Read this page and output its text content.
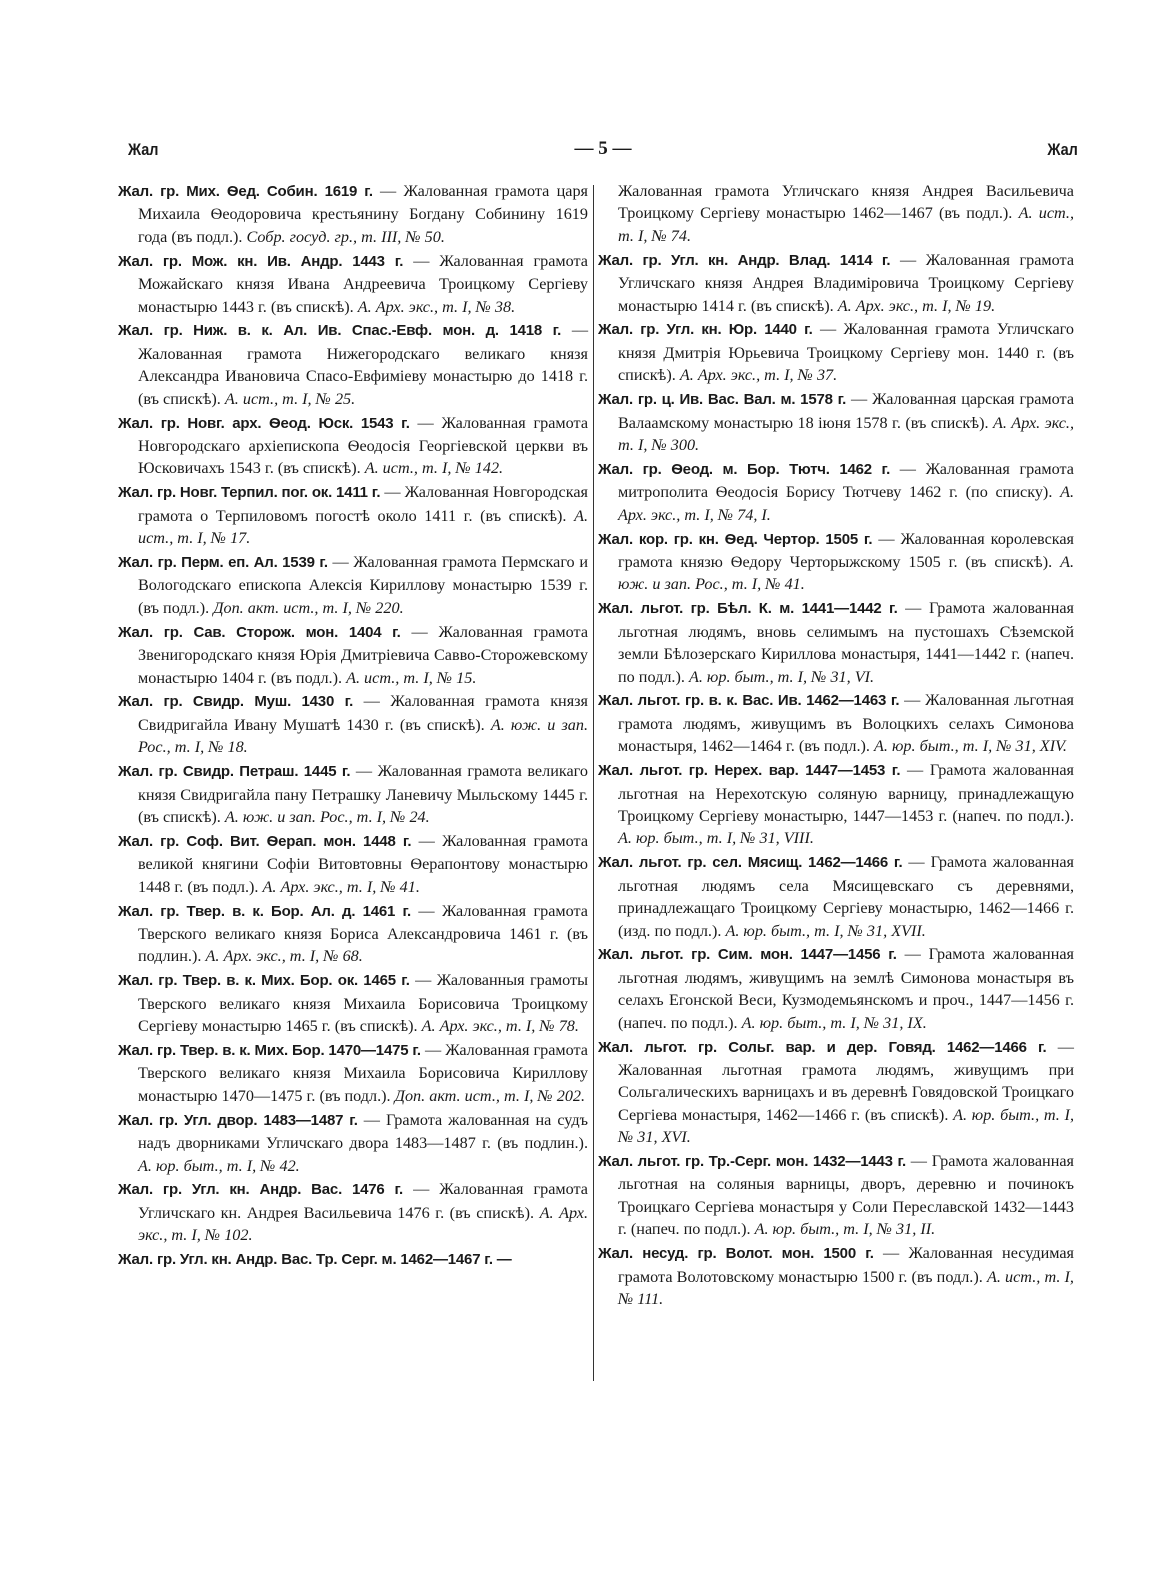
— 5 —
Жал	Жал

Жал. гр. Мих. Ѳед. Собин. 1619 г. — Жалованная грамота царя Михаила Ѳеодоровича крестьянину Богдану Собинину 1619 года (въ подл.). Собр. госуд. гр., т. III, № 50.

Жал. гр. Мож. кн. Ив. Андр. 1443 г. — Жалованная грамота Можайскаго князя Ивана Андреевича Троицкому Сергіеву монастырю 1443 г. (въ спискѣ). А. Арх. экс., т. I, № 38.

Жал. гр. Ниж. в. к. Ал. Ив. Спас.-Евф. мон. д. 1418 г. — Жалованная грамота Нижегородскаго великаго князя Александра Ивановича Спасо-Евфиміеву монастырю до 1418 г. (въ спискѣ). А. ист., т. I, № 25.

Жал. гр. Новг. арх. Ѳеод. Юск. 1543 г. — Жалованная грамота Новгородскаго архіепископа Ѳеодосія Георгіевской церкви въ Юсковичахъ 1543 г. (въ спискѣ). А. ист., т. I, № 142.

Жал. гр. Новг. Терпил. пог. ок. 1411 г. — Жалованная Новгородская грамота о Терпиловомъ погостѣ около 1411 г. (въ спискѣ). А. ист., т. I, № 17.

Жал. гр. Перм. еп. Ал. 1539 г. — Жалованная грамота Пермскаго и Вологодскаго епископа Алексія Кириллову монастырю 1539 г. (въ подл.). Доп. акт. ист., т. I, № 220.

Жал. гр. Сав. Сторож. мон. 1404 г. — Жалованная грамота Звенигородскаго князя Юрія Дмитріевича Савво-Сторожевскому монастырю 1404 г. (въ подл.). А. ист., т. I, № 15.

Жал. гр. Свидр. Муш. 1430 г. — Жалованная грамота князя Свидригайла Ивану Мушатѣ 1430 г. (въ спискѣ). А. юж. и зап. Рос., т. I, № 18.

Жал. гр. Свидр. Петраш. 1445 г. — Жалованная грамота великаго князя Свидригайла пану Петрашку Ланевичу Мыльскому 1445 г. (въ спискѣ). А. юж. и зап. Рос., т. I, № 24.

Жал. гр. Соф. Вит. Ѳерап. мон. 1448 г. — Жалованная грамота великой княгини Софіи Витовтовны Ѳерапонтову монастырю 1448 г. (въ подл.). А. Арх. экс., т. I, № 41.

Жал. гр. Твер. в. к. Бор. Ал. д. 1461 г. — Жалованная грамота Тверского великаго князя Бориса Александровича 1461 г. (въ подлин.). А. Арх. экс., т. I, № 68.

Жал. гр. Твер. в. к. Мих. Бор. ок. 1465 г. — Жалованныя грамоты Тверского великаго князя Михаила Борисовича Троицкому Сергіеву монастырю 1465 г. (въ спискѣ). А. Арх. экс., т. I, № 78.

Жал. гр. Твер. в. к. Мих. Бор. 1470—1475 г. — Жалованная грамота Тверского великаго князя Михаила Борисовича Кириллову монастырю 1470—1475 г. (въ подл.). Доп. акт. ист., т. I, № 202.

Жал. гр. Угл. двор. 1483—1487 г. — Грамота жалованная на судъ надъ дворниками Угличскаго двора 1483—1487 г. (въ подлин.). А. юр. быт., т. I, № 42.

Жал. гр. Угл. кн. Андр. Вас. 1476 г. — Жалованная грамота Угличскаго кн. Андрея Васильевича 1476 г. (въ спискѣ). А. Арх. экс., т. I, № 102.

Жал. гр. Угл. кн. Андр. Вас. Тр. Серг. м. 1462—1467 г. —

Жалованная грамота Угличскаго князя Андрея Васильевича Троицкому Сергіеву монастырю 1462—1467 (въ подл.). А. ист., т. I, № 74.

Жал. гр. Угл. кн. Андр. Влад. 1414 г. — Жалованная грамота Угличскаго князя Андрея Владиміровича Троицкому Сергіеву монастырю 1414 г. (въ спискѣ). А. Арх. экс., т. I, № 19.

Жал. гр. Угл. кн. Юр. 1440 г. — Жалованная грамота Угличскаго князя Дмитрія Юрьевича Троицкому Сергіеву мон. 1440 г. (въ спискѣ). А. Арх. экс., т. I, № 37.

Жал. гр. ц. Ив. Вас. Вал. м. 1578 г. — Жалованная царская грамота Валаамскому монастырю 18 іюня 1578 г. (въ спискѣ). А. Арх. экс., т. I, № 300.

Жал. гр. Ѳеод. м. Бор. Тютч. 1462 г. — Жалованная грамота митрополита Ѳеодосія Борису Тютчеву 1462 г. (по списку). А. Арх. экс., т. I, № 74, I.

Жал. кор. гр. кн. Ѳед. Чертор. 1505 г. — Жалованная королевская грамота князю Ѳедору Черторыжскому 1505 г. (въ спискѣ). А. юж. и зап. Рос., т. I, № 41.

Жал. льгот. гр. Бѣл. К. м. 1441—1442 г. — Грамота жалованная льготная людямъ, вновь селимымъ на пустошахъ Сѣземской земли Бѣлозерскаго Кириллова монастыря, 1441—1442 г. (напеч. по подл.). А. юр. быт., т. I, № 31, VI.

Жал. льгот. гр. в. к. Вас. Ив. 1462—1463 г. — Жалованная льготная грамота людямъ, живущимъ въ Волоцкихъ селахъ Симонова монастыря, 1462—1464 г. (въ подл.). А. юр. быт., т. I, № 31, XIV.

Жал. льгот. гр. Нерех. вар. 1447—1453 г. — Грамота жалованная льготная на Нерехотскую соляную варницу, принадлежащую Троицкому Сергіеву монастырю, 1447—1453 г. (напеч. по подл.). А. юр. быт., т. I, № 31, VIII.

Жал. льгот. гр. сел. Мясищ. 1462—1466 г. — Грамота жалованная льготная людямъ села Мясищевскаго съ деревнями, принадлежащаго Троицкому Сергіеву монастырю, 1462—1466 г. (изд. по подл.). А. юр. быт., т. I, № 31, XVII.

Жал. льгот. гр. Сим. мон. 1447—1456 г. — Грамота жалованная льготная людямъ, живущимъ на землѣ Симонова монастыря въ селахъ Егонской Веси, Кузмодемьянскомъ и проч., 1447—1456 г. (напеч. по подл.). А. юр. быт., т. I, № 31, IX.

Жал. льгот. гр. Сольг. вар. и дер. Говяд. 1462—1466 г. — Жалованная льготная грамота людямъ, живущимъ при Сольгалическихъ варницахъ и въ деревнѣ Говядовской Троицкаго Сергіева монастыря, 1462—1466 г. (въ спискѣ). А. юр. быт., т. I, № 31, XVI.

Жал. льгот. гр. Тр.-Серг. мон. 1432—1443 г. — Грамота жалованная льготная на соляныя варницы, дворъ, деревню и починокъ Троицкаго Сергіева монастыря у Соли Переславской 1432—1443 г. (напеч. по подл.). А. юр. быт., т. I, № 31, II.

Жал. несуд. гр. Волот. мон. 1500 г. — Жалованная несудимая грамота Волотовскому монастырю 1500 г. (въ подл.). А. ист., т. I, № 111.
